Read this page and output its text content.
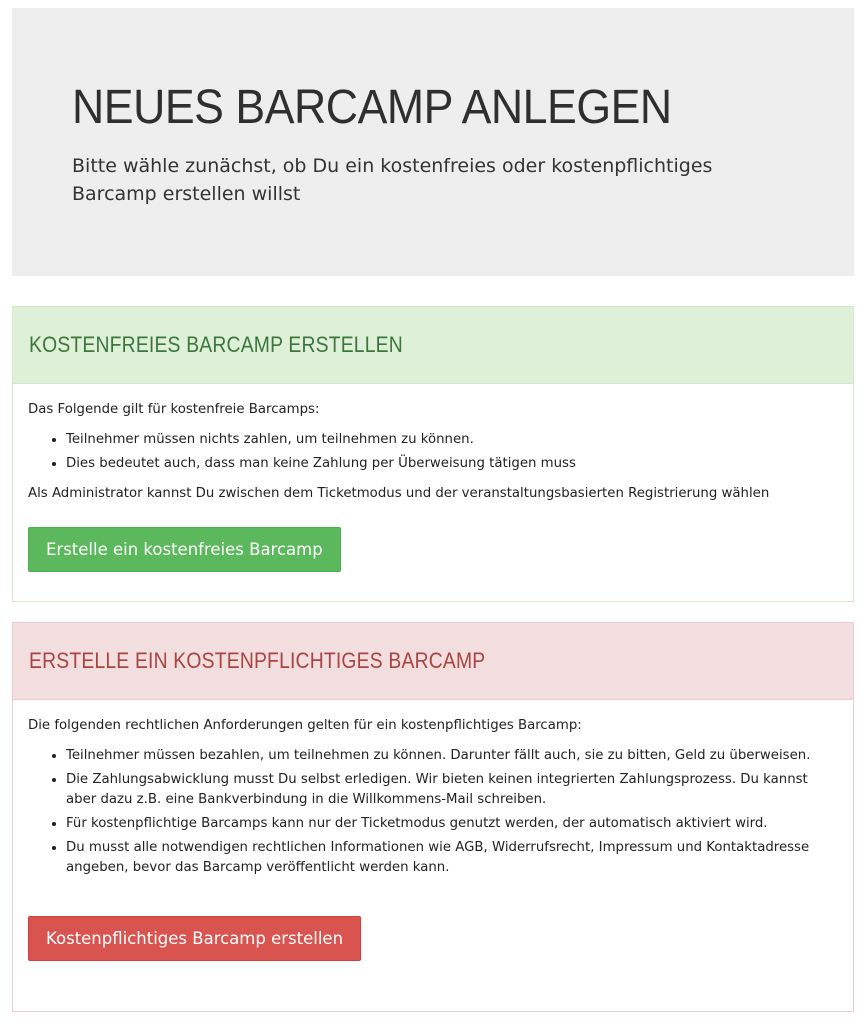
NEUES BARCAMP ANLEGEN

Bitte wähle zunächst, ob Du ein kostenfreies oder kostenpflichtiges Barcamp erstellen willst

KOSTENFREIES BARCAMP ERSTELLEN

Das Folgende gilt für kostenfreie Barcamps:

• Teilnehmer müssen nichts zahlen, um teilnehmen zu können.
• Dies bedeutet auch, dass man keine Zahlung per Überweisung tätigen muss

Als Administrator kannst Du zwischen dem Ticketmodus und der veranstaltungsbasierten Registrierung wählen

Erstelle ein kostenfreies Barcamp
ERSTELLE EIN KOSTENPFLICHTIGES BARCAMP

Die folgenden rechtlichen Anforderungen gelten für ein kostenpflichtiges Barcamp:

• Teilnehmer müssen bezahlen, um teilnehmen zu können. Darunter fällt auch, sie zu bitten, Geld zu überweisen.
• Die Zahlungsabwicklung musst Du selbst erledigen. Wir bieten keinen integrierten Zahlungsprozess. Du kannst aber dazu z.B. eine Bankverbindung in die Willkommens-Mail schreiben.
• Für kostenpflichtige Barcamps kann nur der Ticketmodus genutzt werden, der automatisch aktiviert wird.
• Du musst alle notwendigen rechtlichen Informationen wie AGB, Widerrufsrecht, Impressum und Kontaktadresse angeben, bevor das Barcamp veröffentlicht werden kann.
Kostenpflichtiges Barcamp erstellen
